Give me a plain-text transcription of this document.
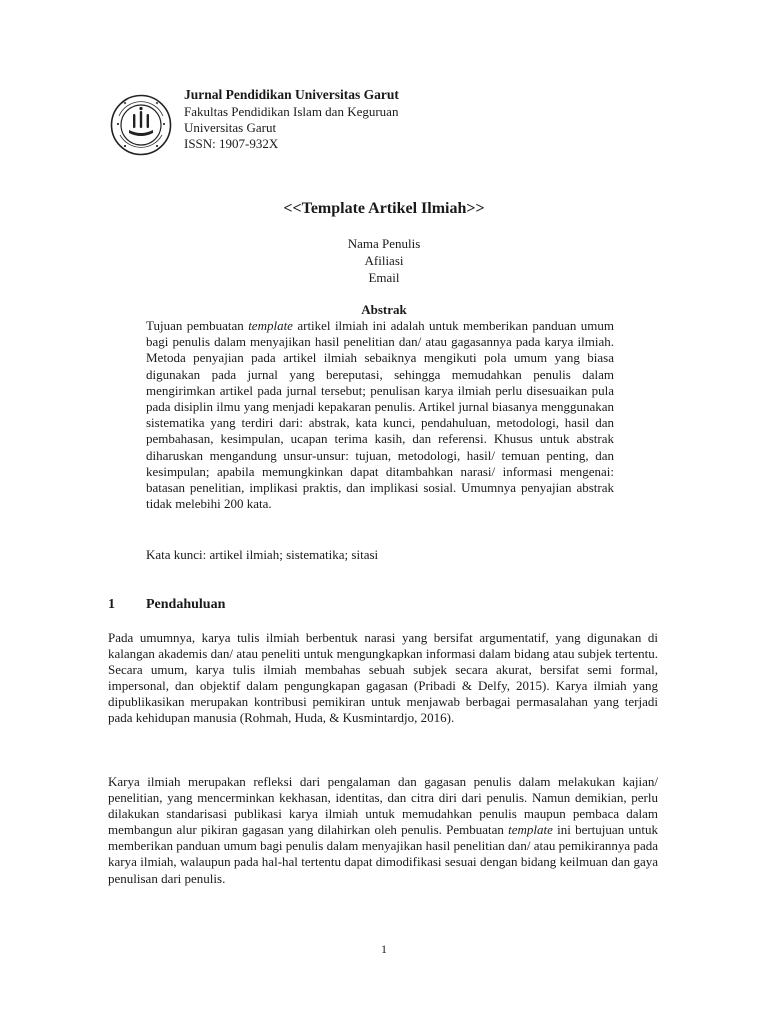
Jurnal Pendidikan Universitas Garut
Fakultas Pendidikan Islam dan Keguruan
Universitas Garut
ISSN: 1907-932X
<<Template Artikel Ilmiah>>
Nama Penulis
Afiliasi
Email
Abstrak
Tujuan pembuatan template artikel ilmiah ini adalah untuk memberikan panduan umum bagi penulis dalam menyajikan hasil penelitian dan/ atau gagasannya pada karya ilmiah. Metoda penyajian pada artikel ilmiah sebaiknya mengikuti pola umum yang biasa digunakan pada jurnal yang bereputasi, sehingga memudahkan penulis dalam mengirimkan artikel pada jurnal tersebut; penulisan karya ilmiah perlu disesuaikan pula pada disiplin ilmu yang menjadi kepakaran penulis. Artikel jurnal biasanya menggunakan sistematika yang terdiri dari: abstrak, kata kunci, pendahuluan, metodologi, hasil dan pembahasan, kesimpulan, ucapan terima kasih, dan referensi. Khusus untuk abstrak diharuskan mengandung unsur-unsur: tujuan, metodologi, hasil/ temuan penting, dan kesimpulan; apabila memungkinkan dapat ditambahkan narasi/ informasi mengenai: batasan penelitian, implikasi praktis, dan implikasi sosial. Umumnya penyajian abstrak tidak melebihi 200 kata.
Kata kunci: artikel ilmiah; sistematika; sitasi
1 Pendahuluan
Pada umumnya, karya tulis ilmiah berbentuk narasi yang bersifat argumentatif, yang digunakan di kalangan akademis dan/ atau peneliti untuk mengungkapkan informasi dalam bidang atau subjek tertentu. Secara umum, karya tulis ilmiah membahas sebuah subjek secara akurat, bersifat semi formal, impersonal, dan objektif dalam pengungkapan gagasan (Pribadi & Delfy, 2015). Karya ilmiah yang dipublikasikan merupakan kontribusi pemikiran untuk menjawab berbagai permasalahan yang terjadi pada kehidupan manusia (Rohmah, Huda, & Kusmintardjo, 2016).
Karya ilmiah merupakan refleksi dari pengalaman dan gagasan penulis dalam melakukan kajian/ penelitian, yang mencerminkan kekhasan, identitas, dan citra diri dari penulis. Namun demikian, perlu dilakukan standarisasi publikasi karya ilmiah untuk memudahkan penulis maupun pembaca dalam membangun alur pikiran gagasan yang dilahirkan oleh penulis. Pembuatan template ini bertujuan untuk memberikan panduan umum bagi penulis dalam menyajikan hasil penelitian dan/ atau pemikirannya pada karya ilmiah, walaupun pada hal-hal tertentu dapat dimodifikasi sesuai dengan bidang keilmuan dan gaya penulisan dari penulis.
1
